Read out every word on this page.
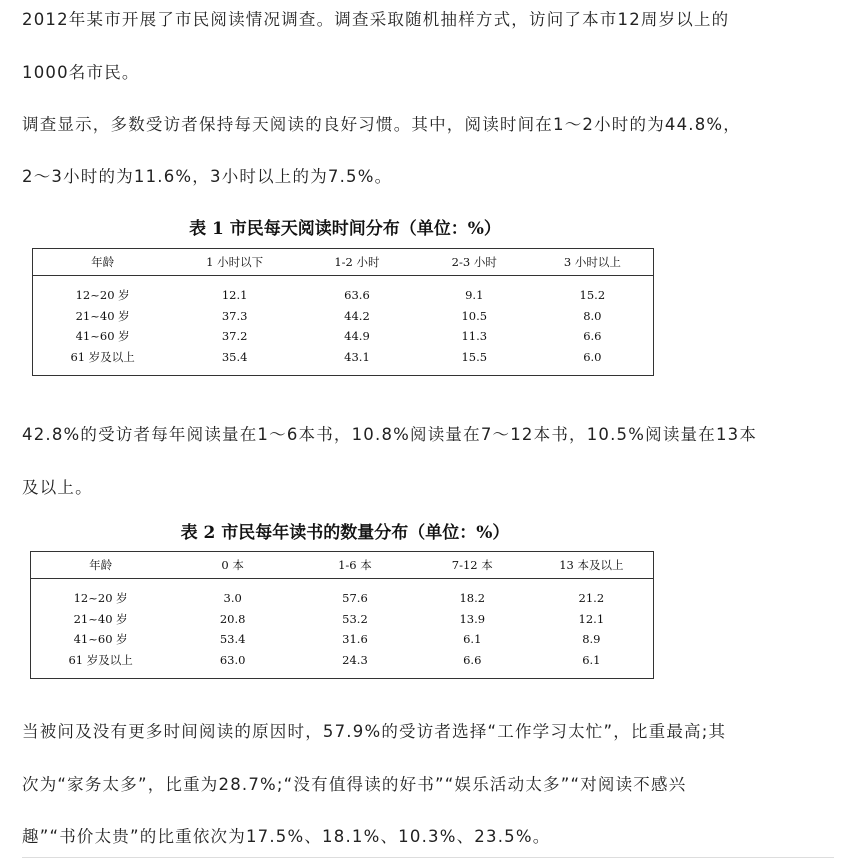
2012年某市开展了市民阅读情况调查。调查采取随机抽样方式，访问了本市12周岁以上的

1000名市民。

调查显示，多数受访者保持每天阅读的良好习惯。其中，阅读时间在1～2小时的为44.8%，

2～3小时的为11.6%，3小时以上的为7.5%。

表 1 市民每天阅读时间分布（单位：%）

年龄	1 小时以下	1-2 小时	2-3 小时	3 小时以上
12~20 岁	12.1	63.6	9.1	15.2
21~40 岁	37.3	44.2	10.5	8.0
41~60 岁	37.2	44.9	11.3	6.6
61 岁及以上	35.4	43.1	15.5	6.0

42.8%的受访者每年阅读量在1～6本书，10.8%阅读量在7～12本书，10.5%阅读量在13本

及以上。

表 2 市民每年读书的数量分布（单位：%）

年龄	0 本	1-6 本	7-12 本	13 本及以上
12~20 岁	3.0	57.6	18.2	21.2
21~40 岁	20.8	53.2	13.9	12.1
41~60 岁	53.4	31.6	6.1	8.9
61 岁及以上	63.0	24.3	6.6	6.1

当被问及没有更多时间阅读的原因时，57.9%的受访者选择“工作学习太忙”，比重最高;其

次为“家务太多”，比重为28.7%;“没有值得读的好书”“娱乐活动太多”“对阅读不感兴

趣”“书价太贵”的比重依次为17.5%、18.1%、10.3%、23.5%。
